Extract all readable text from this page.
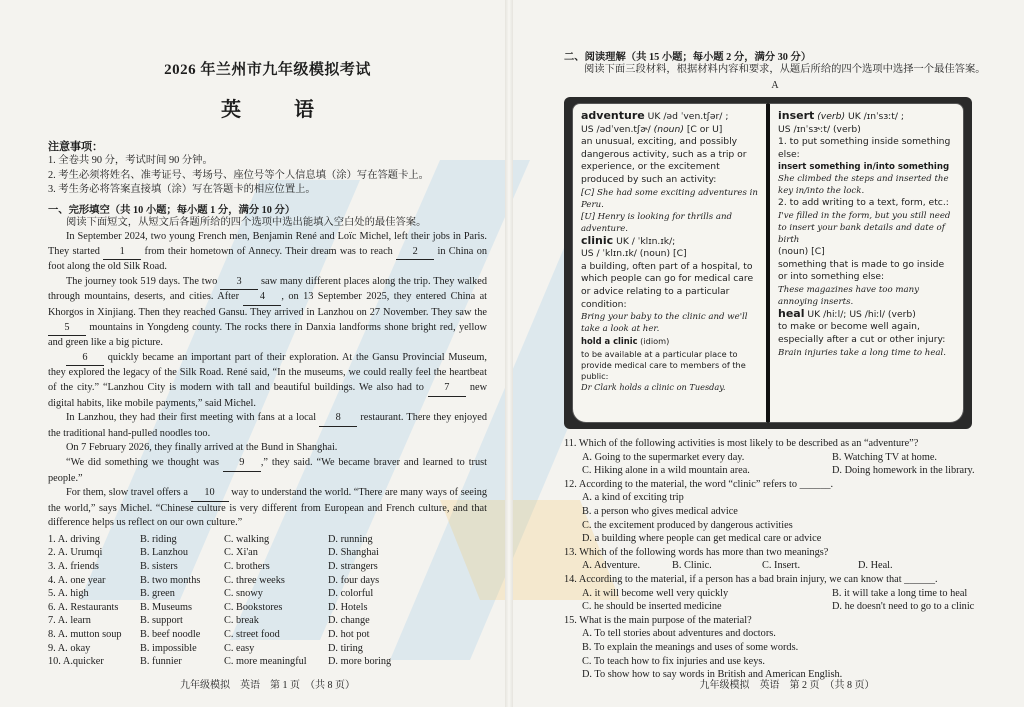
2026 年兰州市九年级模拟考试
英 语
注意事项：
1. 全卷共 90 分，考试时间 90 分钟。
2. 考生必须将姓名、准考证号、考场号、座位号等个人信息填（涂）写在答题卡上。
3. 考生务必将答案直接填（涂）写在答题卡的相应位置上。
一、完形填空（共 10 小题；每小题 1 分，满分 10 分）
阅读下面短文，从短文后各题所给的四个选项中选出能填入空白处的最佳答案。

In September 2024, two young French men, Benjamin René and Loïc Michel, left their jobs in Paris. They started 1 from their hometown of Annecy. Their dream was to reach 2 in China on foot along the old Silk Road.

The journey took 519 days. The two 3 saw many different places along the trip. They walked through mountains, deserts, and cities. After 4 , on 13 September 2025, they entered China at Khorgos in Xinjiang. Then they reached Gansu. They arrived in Lanzhou on 27 November. They saw the 5 mountains in Yongdeng county. The rocks there in Danxia landforms shone bright red, yellow and green like a big picture.

6 quickly became an important part of their exploration. At the Gansu Provincial Museum, they explored the legacy of the Silk Road. René said, “In the museums, we could really feel the heartbeat of the city.” “Lanzhou City is modern with tall and beautiful buildings. We also had to 7 new digital habits, like mobile payments,” said Michel.

In Lanzhou, they had their first meeting with fans at a local 8 restaurant. There they enjoyed the traditional hand-pulled noodles too.

On 7 February 2026, they finally arrived at the Bund in Shanghai.

“We did something we thought was 9 ,” they said. “We became braver and learned to trust people.”

For them, slow travel offers a 10 way to understand the world. “There are many ways of seeing the world,” says Michel. “Chinese culture is very different from European and French culture, and that difference helps us reflect on our own culture.”

1. A. driving	B. riding	C. walking	D. running
2. A. Urumqi	B. Lanzhou	C. Xi'an	D. Shanghai
3. A. friends	B. sisters	C. brothers	D. strangers
4. A. one year	B. two months	C. three weeks	D. four days
5. A. high	B. green	C. snowy	D. colorful
6. A. Restaurants	B. Museums	C. Bookstores	D. Hotels
7. A. learn	B. support	C. break	D. change
8. A. mutton soup	B. beef noodle	C. street food	D. hot pot
9. A. okay	B. impossible	C. easy	D. tiring
10. A.quicker	B. funnier	C. more meaningful	D. more boring
九年级模拟　英语　第 1 页　（共 8 页）
二、阅读理解（共 15 小题；每小题 2 分，满分 30 分）
阅读下面三段材料，根据材料内容和要求，从题后所给的四个选项中选择一个最佳答案。
A
adventure UK /əd ˈven.tʃər/ ;
US /ədˈven.tʃɚ/ (noun) [C or U]
an unusual, exciting, and possibly dangerous activity, such as a trip or experience, or the excitement produced by such an activity:
[C] She had some exciting adventures in Peru.
[U] Henry is looking for thrills and adventure.
clinic UK / ˈklɪn.ɪk/;
US / ˈklɪn.ɪk/ (noun) [C]
a building, often part of a hospital, to which people can go for medical care or advice relating to a particular condition:
Bring your baby to the clinic and we'll take a look at her.
hold a clinic (idiom)
to be available at a particular place to provide medical care to members of the public:
Dr Clark holds a clinic on Tuesday.
insert (verb) UK /ɪnˈsɜːt/ ;
US /ɪnˈsɝːt/ (verb)
1. to put something inside something else:
insert something in/into something She climbed the steps and inserted the key in/into the lock.
2. to add writing to a text, form, etc.:
I've filled in the form, but you still need to insert your bank details and date of birth
(noun) [C]
something that is made to go inside or into something else:
These magazines have too many annoying inserts.
heal UK /hiːl/; US /hiːl/ (verb)
to make or become well again, especially after a cut or other injury:
Brain injuries take a long time to heal.
11. Which of the following activities is most likely to be described as an “adventure”?
A. Going to the supermarket every day.	B. Watching TV at home.
C. Hiking alone in a wild mountain area.	D. Doing homework in the library.
12. According to the material, the word “clinic” refers to ______.
A. a kind of exciting trip
B. a person who gives medical advice
C. the excitement produced by dangerous activities
D. a building where people can get medical care or advice
13. Which of the following words has more than two meanings?
A. Adventure.	B. Clinic.	C. Insert.	D. Heal.
14. According to the material, if a person has a bad brain injury, we can know that ______.
A. it will become well very quickly	B. it will take a long time to heal
C. he should be inserted medicine	D. he doesn't need to go to a clinic
15. What is the main purpose of the material?
A. To tell stories about adventures and doctors.
B. To explain the meanings and uses of some words.
C. To teach how to fix injuries and use keys.
D. To show how to say words in British and American English.
九年级模拟　英语　第 2 页　（共 8 页）
